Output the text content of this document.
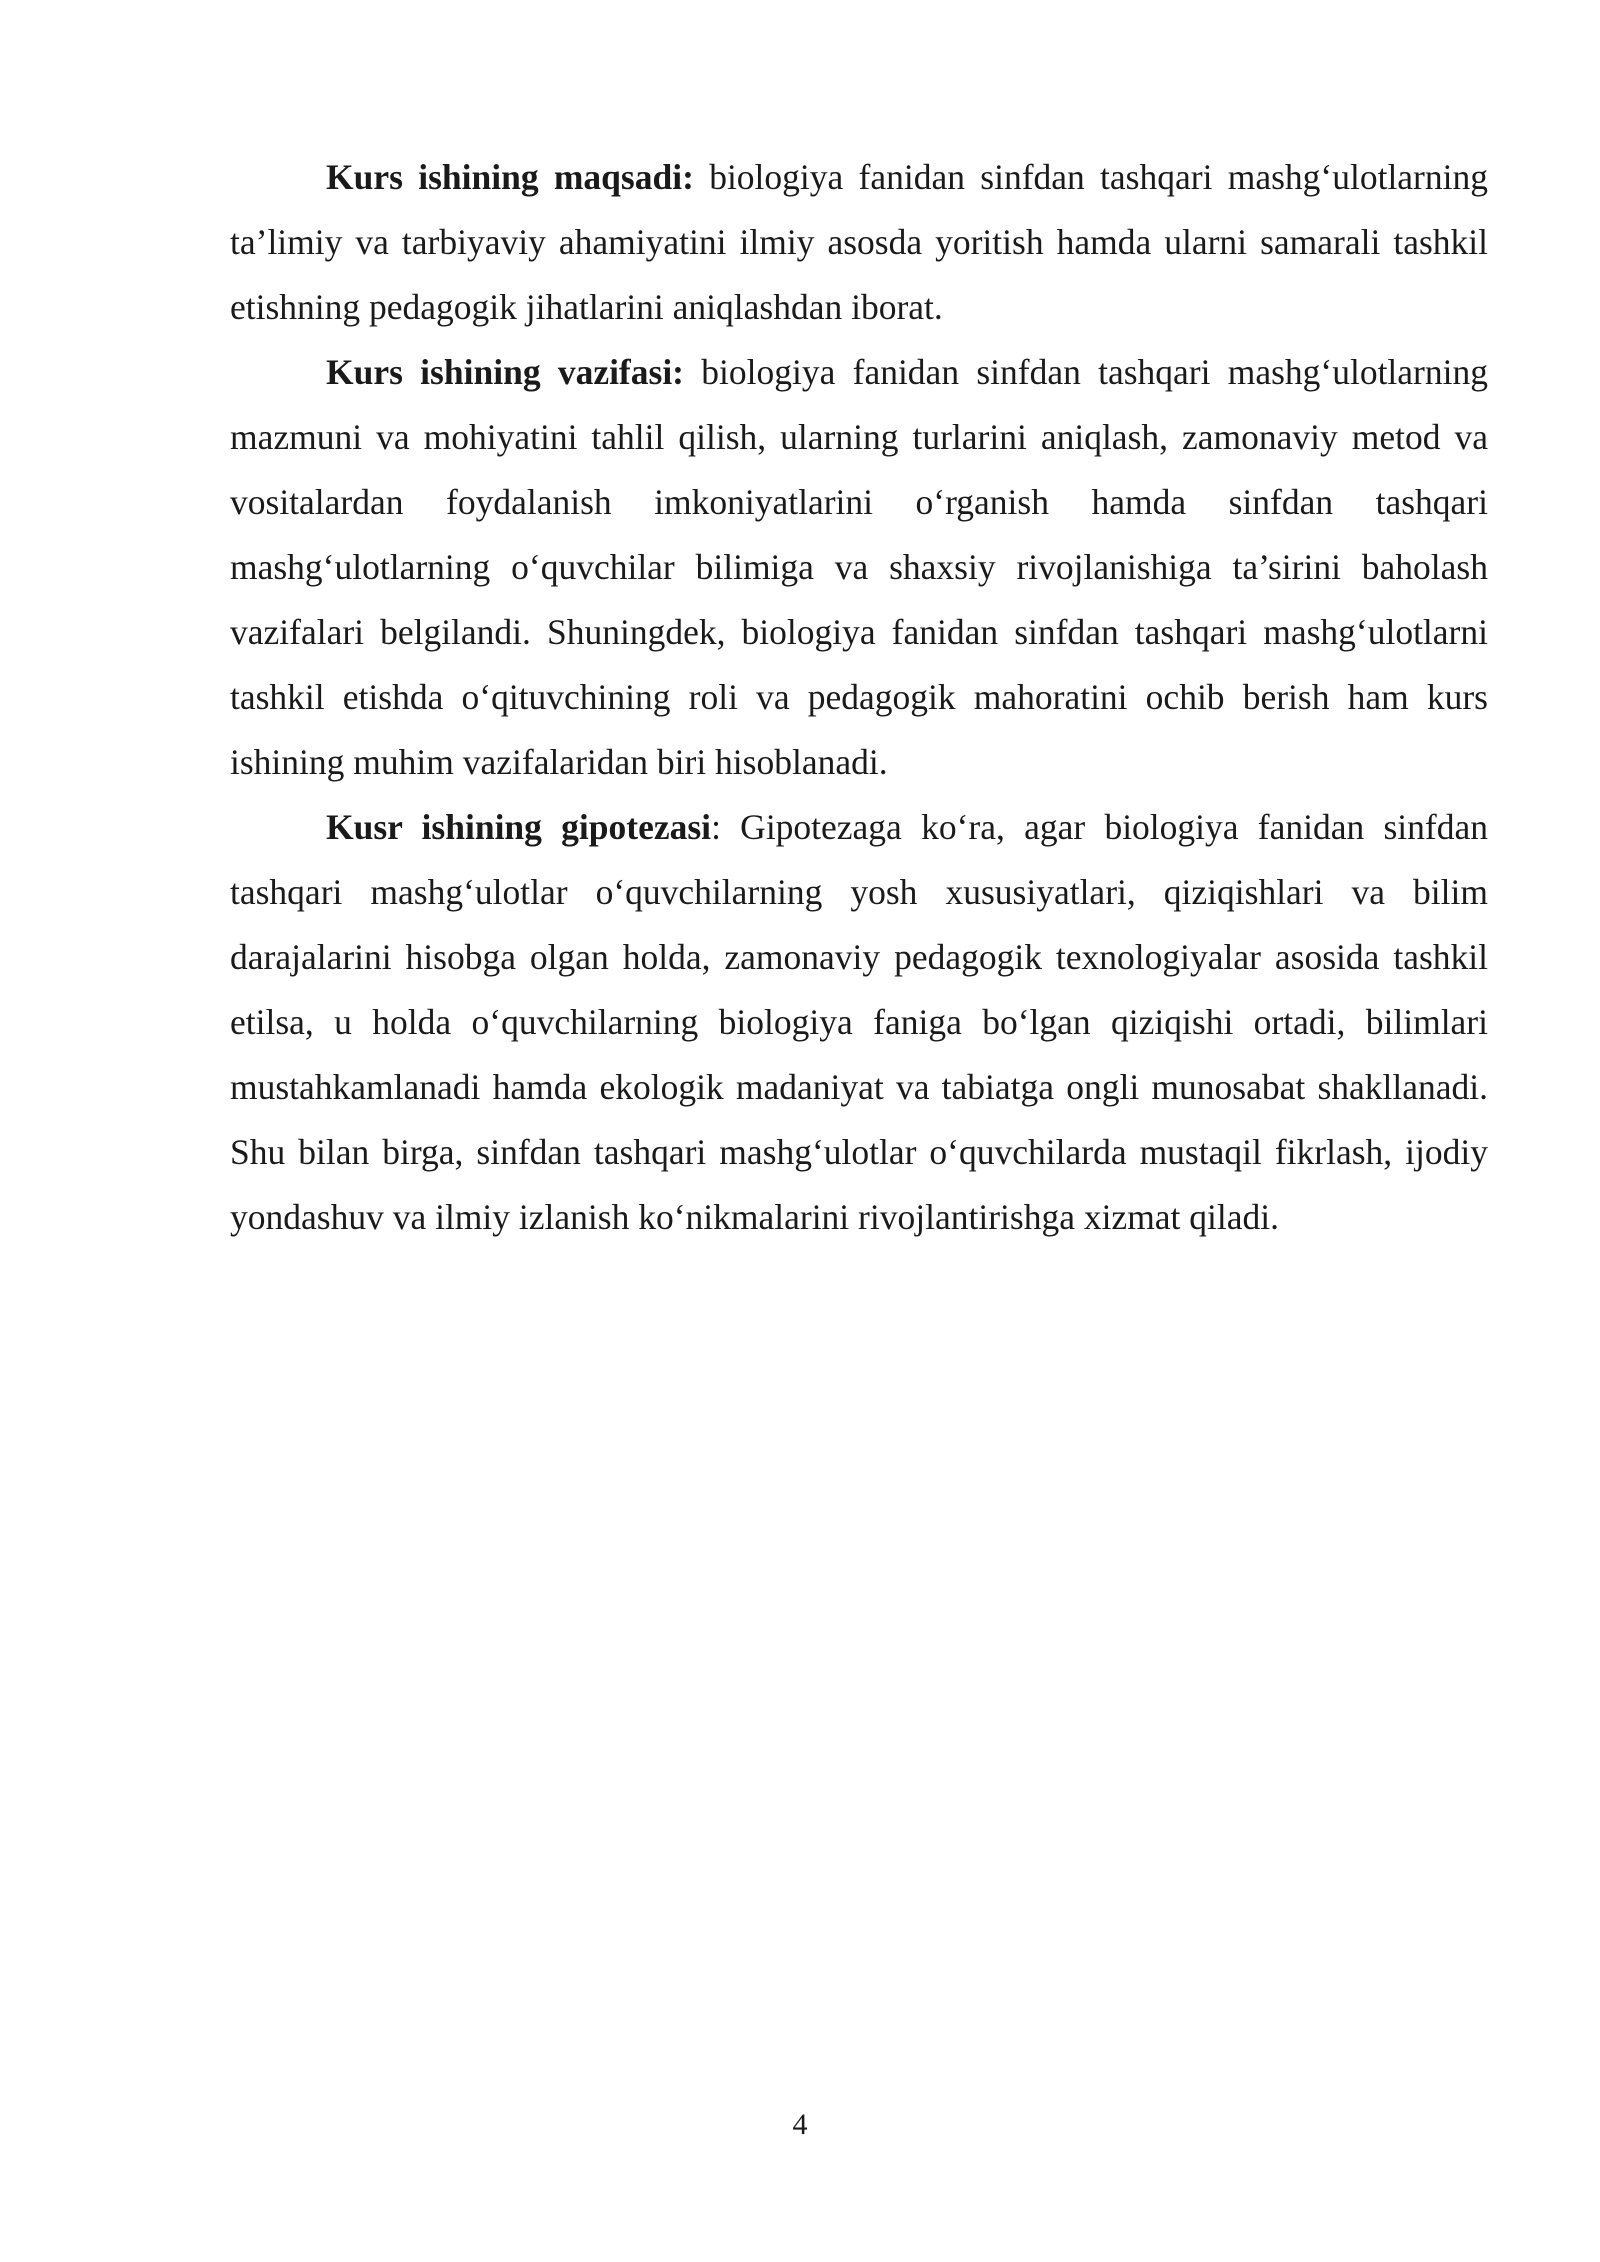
Kurs ishining maqsadi: biologiya fanidan sinfdan tashqari mashg‘ulotlarning ta’limiy va tarbiyaviy ahamiyatini ilmiy asosda yoritish hamda ularni samarali tashkil etishning pedagogik jihatlarini aniqlashdan iborat.

Kurs ishining vazifasi: biologiya fanidan sinfdan tashqari mashg‘ulotlarning mazmuni va mohiyatini tahlil qilish, ularning turlarini aniqlash, zamonaviy metod va vositalardan foydalanish imkoniyatlarini o‘rganish hamda sinfdan tashqari mashg‘ulotlarning o‘quvchilar bilimiga va shaxsiy rivojlanishiga ta’sirini baholash vazifalari belgilandi. Shuningdek, biologiya fanidan sinfdan tashqari mashg‘ulotlarni tashkil etishda o‘qituvchining roli va pedagogik mahoratini ochib berish ham kurs ishining muhim vazifalaridan biri hisoblanadi.

Kusr ishining gipotezasi: Gipotezaga ko‘ra, agar biologiya fanidan sinfdan tashqari mashg‘ulotlar o‘quvchilarning yosh xususiyatlari, qiziqishlari va bilim darajalarini hisobga olgan holda, zamonaviy pedagogik texnologiyalar asosida tashkil etilsa, u holda o‘quvchilarning biologiya faniga bo‘lgan qiziqishi ortadi, bilimlari mustahkamlanadi hamda ekologik madaniyat va tabiatga ongli munosabat shakllanadi. Shu bilan birga, sinfdan tashqari mashg‘ulotlar o‘quvchilarda mustaqil fikrlash, ijodiy yondashuv va ilmiy izlanish ko‘nikmalarini rivojlantirishga xizmat qiladi.

4
